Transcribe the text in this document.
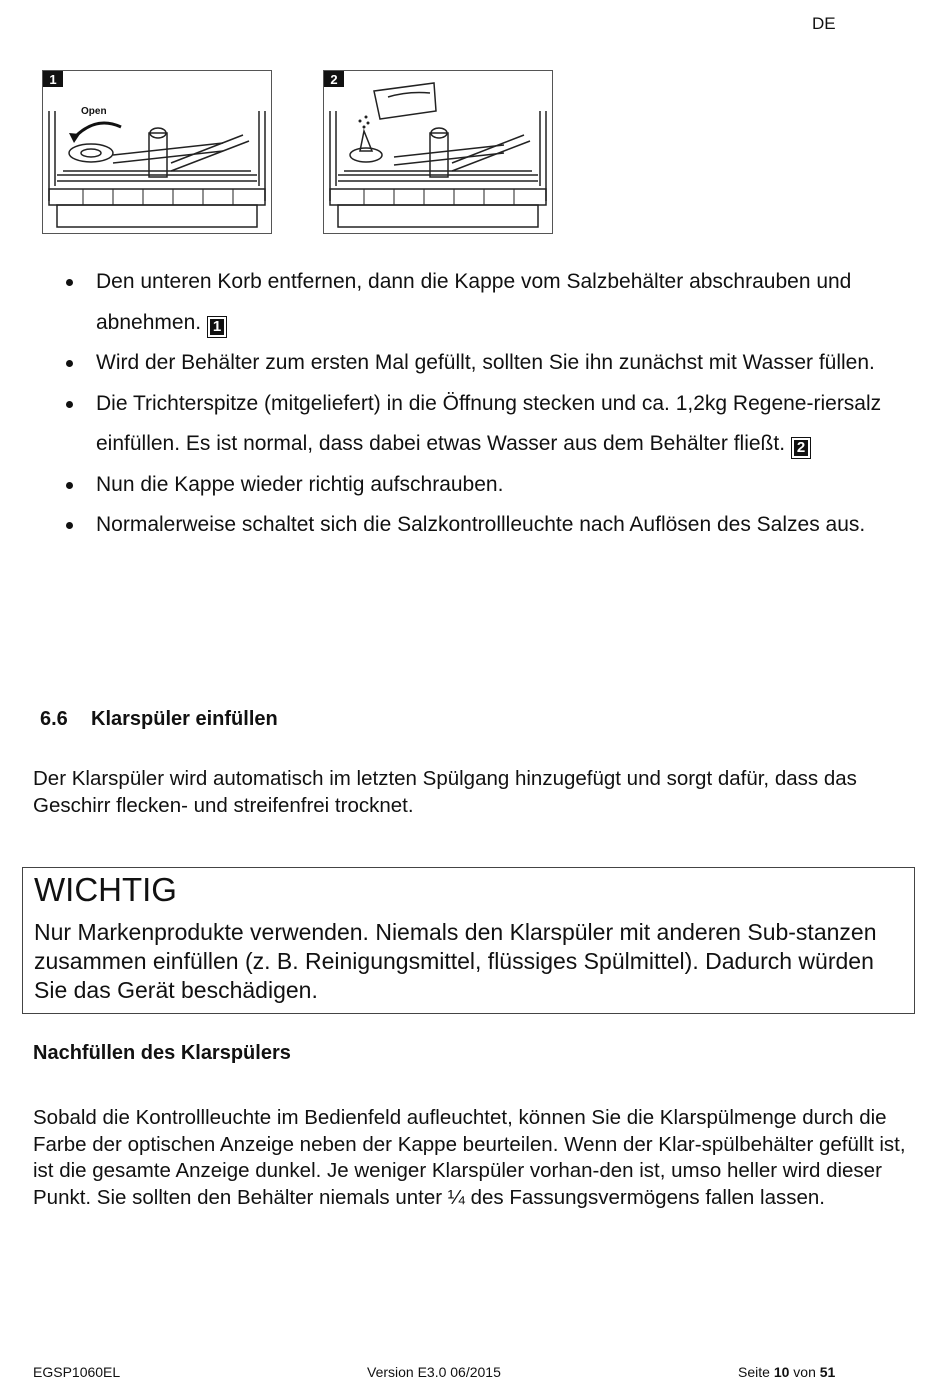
DE
1
Open
2
Den unteren Korb entfernen, dann die Kappe vom Salzbehälter abschrauben und abnehmen. 1
Wird der Behälter zum ersten Mal gefüllt, sollten Sie ihn zunächst mit Wasser füllen.
Die Trichterspitze (mitgeliefert) in die Öffnung stecken und ca. 1,2kg Regene-riersalz einfüllen. Es ist normal, dass dabei etwas Wasser aus dem Behälter fließt. 2
Nun die Kappe wieder richtig aufschrauben.
Normalerweise schaltet sich die Salzkontrollleuchte nach Auflösen des Salzes aus.
6.6 Klarspüler einfüllen
Der Klarspüler wird automatisch im letzten Spülgang hinzugefügt und sorgt dafür, dass das Geschirr flecken- und streifenfrei trocknet.
WICHTIG
Nur Markenprodukte verwenden. Niemals den Klarspüler mit anderen Sub-stanzen zusammen einfüllen (z. B. Reinigungsmittel, flüssiges Spülmittel). Dadurch würden Sie das Gerät beschädigen.
Nachfüllen des Klarspülers
Sobald die Kontrollleuchte im Bedienfeld aufleuchtet, können Sie die Klarspülmenge durch die Farbe der optischen Anzeige neben der Kappe beurteilen. Wenn der Klar-spülbehälter gefüllt ist, ist die gesamte Anzeige dunkel. Je weniger Klarspüler vorhan-den ist, umso heller wird dieser Punkt. Sie sollten den Behälter niemals unter ¼ des Fassungsvermögens fallen lassen.
EGSP1060EL	Version E3.0 06/2015	Seite 10 von 51
